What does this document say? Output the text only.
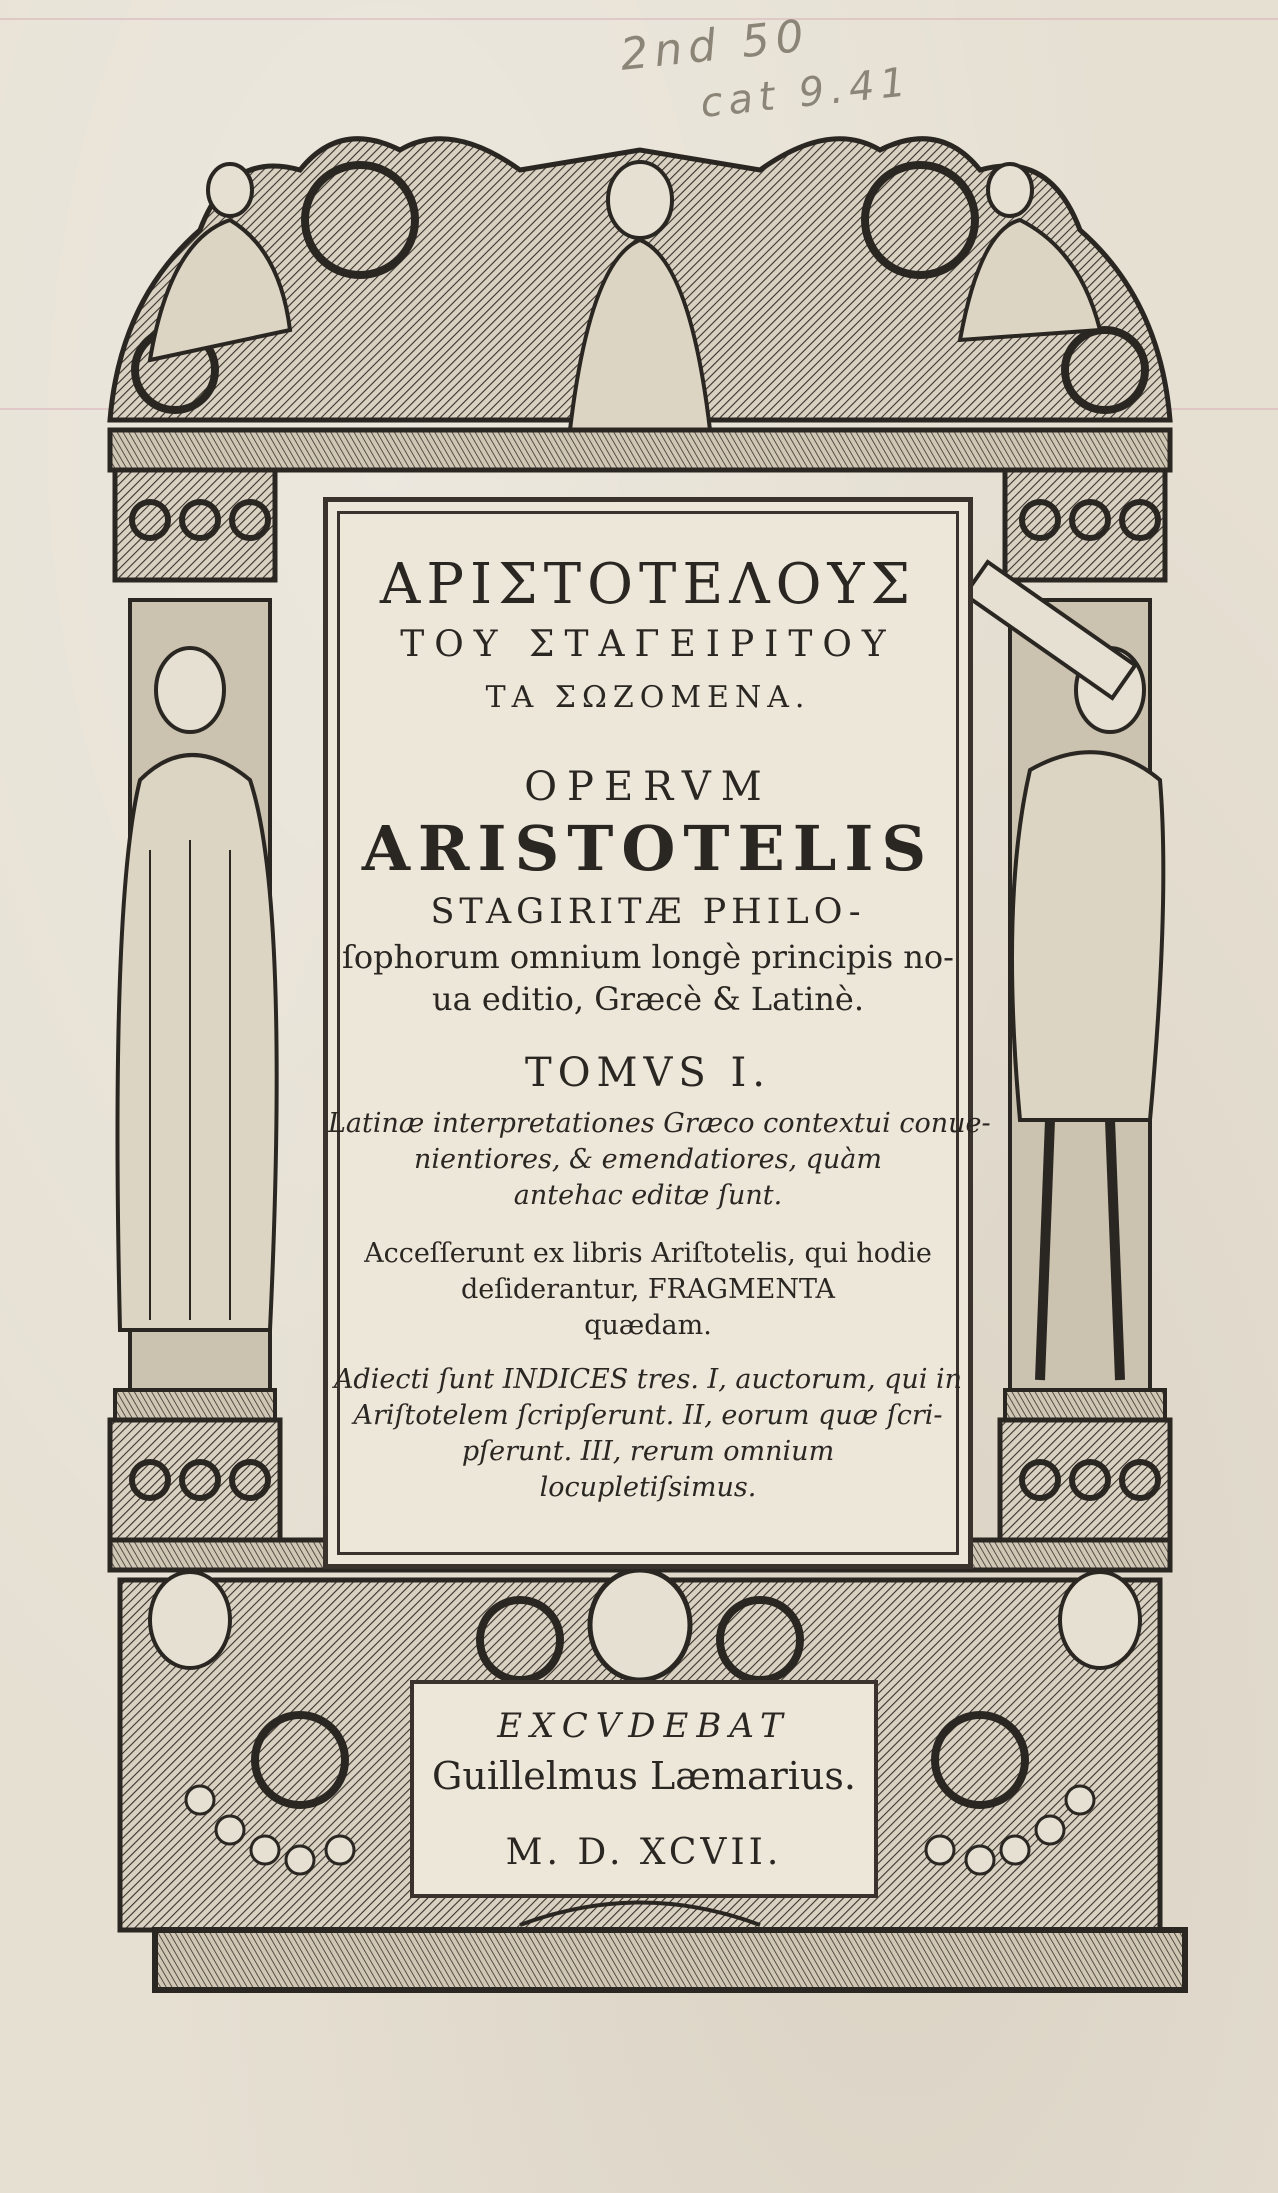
2nd 50
cat 9.41
ΑΡΙΣΤΟΤΕΛΟΥΣ
ΤΟΥ ΣΤΑΓΕΙΡΙΤΟΥ
ΤΑ ΣΩΖΟΜΕΝΑ.
OPERVM
ARISTOTELIS
STAGIRITÆ PHILO-
ſophorum omnium longè principis no-
ua editio, Græcè & Latinè.
TOMVS I.
Latinæ interpretationes Græco contextui conue-
nientiores, & emendatiores, quàm
antehac editæ ſunt.
Acceſſerunt ex libris Ariſtotelis, qui hodie
deſiderantur, FRAGMENTA
quædam.
Adiecti ſunt INDICES tres. I, auctorum, qui in
Ariſtotelem ſcripſerunt. II, eorum quæ ſcri-
pſerunt. III, rerum omnium
locupletiſsimus.
EXCVDEBAT
Guillelmus Læmarius.
M. D. XCVII.
